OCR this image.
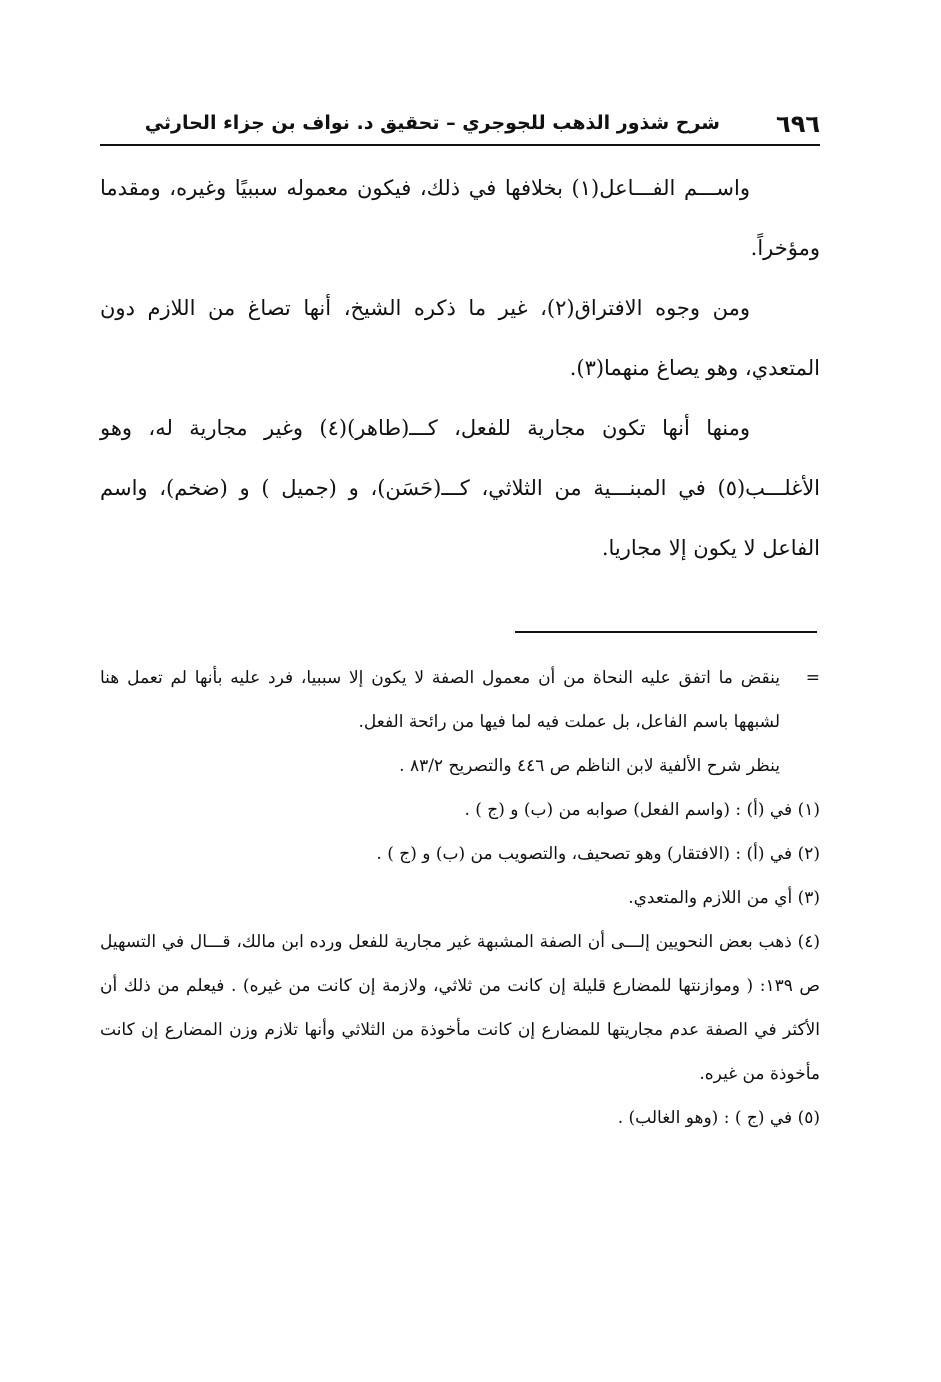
٦٩٦
شرح شذور الذهب للجوجري – تحقيق د. نواف بن جزاء الحارثي

واســـم الفـــاعل(١) بخلافها في ذلك، فيكون معموله سببيًا وغيره، ومقدما ومؤخراً.

ومن وجوه الافتراق(٢)، غير ما ذكره الشيخ، أنها تصاغ من اللازم دون المتعدي، وهو يصاغ منهما(٣).

ومنها أنها تكون مجارية للفعل، كـــ(طاهر)(٤) وغير مجارية له، وهو الأغلـــب(٥) في المبنـــية من الثلاثي، كـــ(حَسَن)، و (جميل ) و (ضخم)، واسم الفاعل لا يكون إلا مجاريا.

=
ينقض ما اتفق عليه النحاة من أن معمول الصفة لا يكون إلا سببيا، فرد عليه بأنها لم تعمل هنا لشبهها باسم الفاعل، بل عملت فيه لما فيها من رائحة الفعل.

ينظر شرح الألفية لابن الناظم ص ٤٤٦ والتصريح ٨٣/٢ .

(١) في (أ) : (واسم الفعل) صوابه من (ب) و (ج ) .

(٢) في (أ) : (الافتقار) وهو تصحيف، والتصويب من (ب) و (ج ) .

(٣) أي من اللازم والمتعدي.

(٤) ذهب بعض النحويين إلـــى أن الصفة المشبهة غير مجارية للفعل ورده ابن مالك، قـــال في التسهيل ص ١٣٩: ( وموازنتها للمضارع قليلة إن كانت من ثلاثي، ولازمة إن كانت من غيره) . فيعلم من ذلك أن الأكثر في الصفة عدم مجاريتها للمضارع إن كانت مأخوذة من الثلاثي وأنها تلازم وزن المضارع إن كانت مأخوذة من غيره.

(٥) في (ج ) : (وهو الغالب) .
